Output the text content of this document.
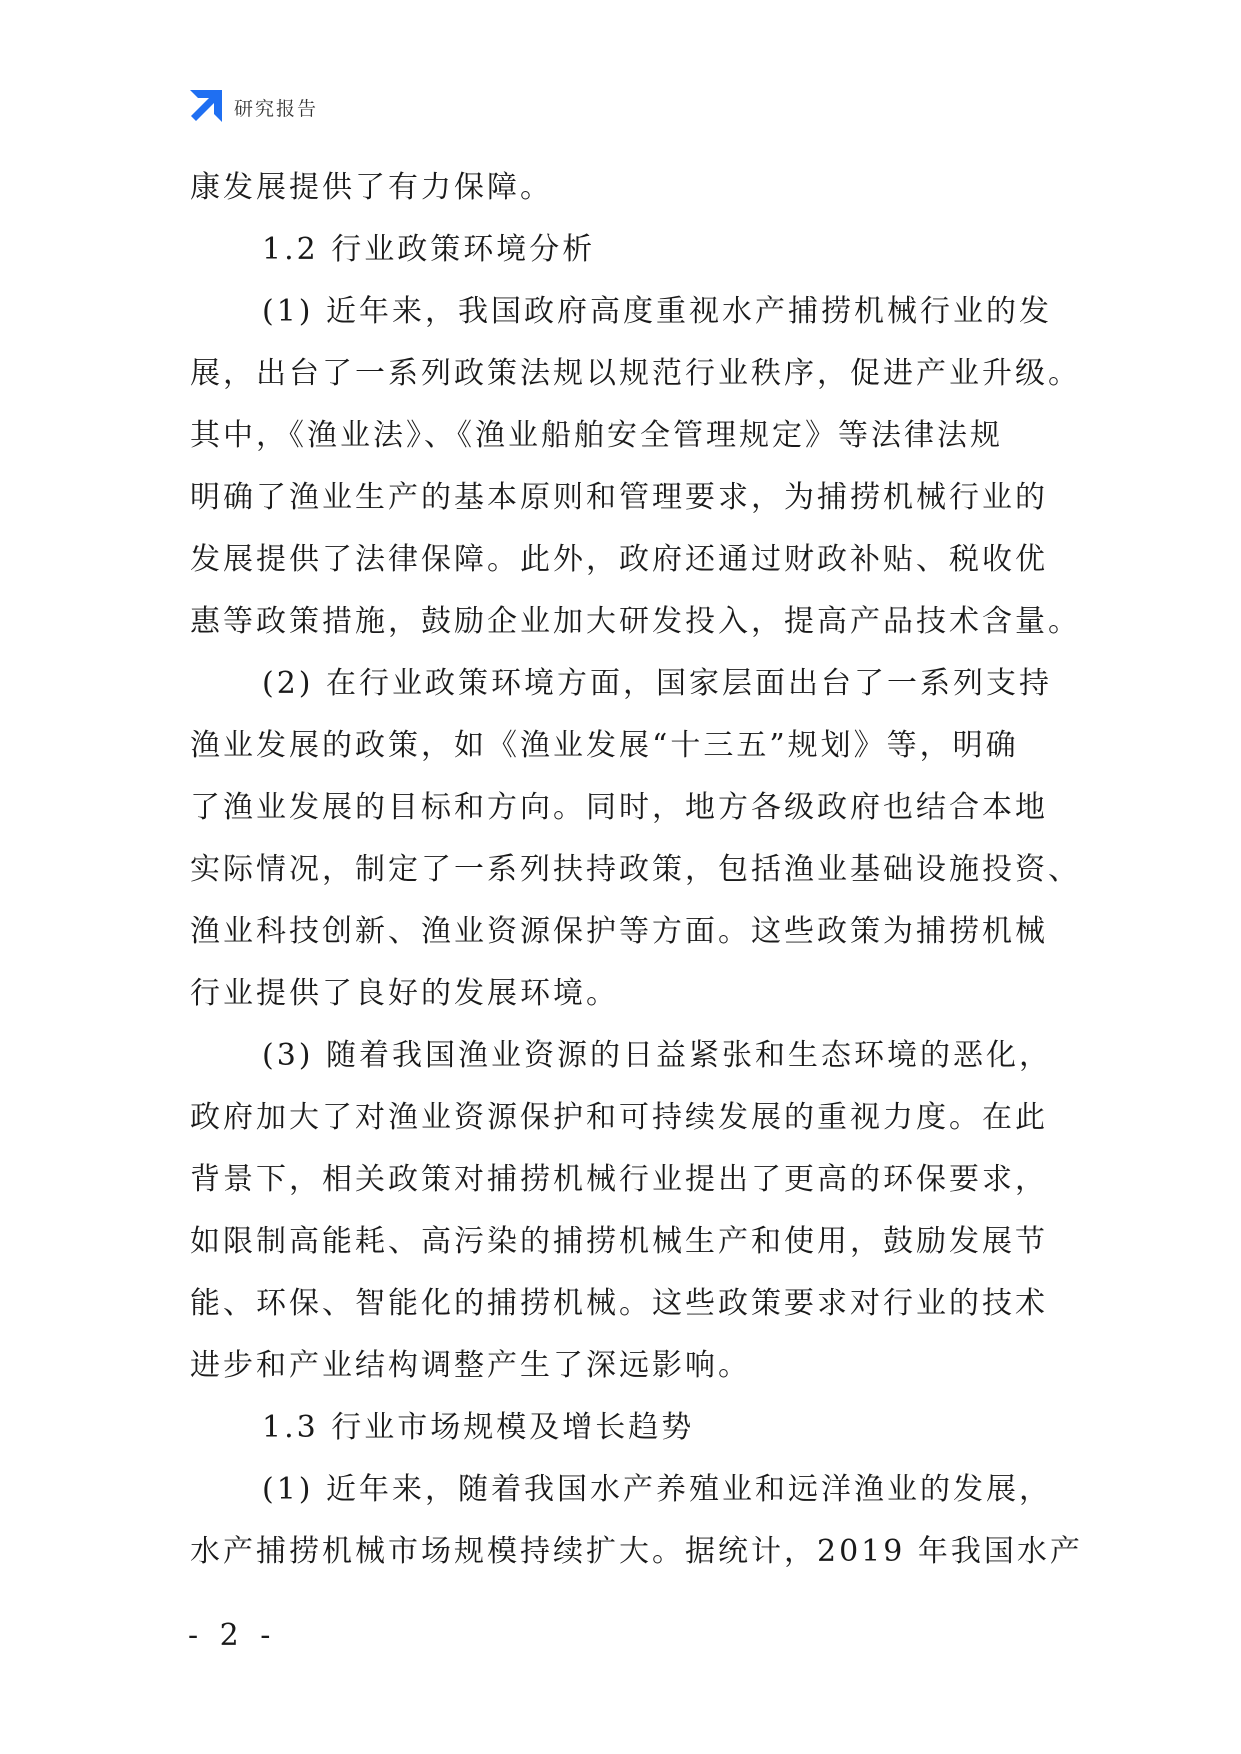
研究报告
康发展提供了有力保障。
1.2 行业政策环境分析
(1) 近年来，我国政府高度重视水产捕捞机械行业的发
展，出台了一系列政策法规以规范行业秩序，促进产业升级。
其中，《渔业法》、《渔业船舶安全管理规定》等法律法规
明确了渔业生产的基本原则和管理要求，为捕捞机械行业的
发展提供了法律保障。此外，政府还通过财政补贴、税收优
惠等政策措施，鼓励企业加大研发投入，提高产品技术含量。
(2) 在行业政策环境方面，国家层面出台了一系列支持
渔业发展的政策，如《渔业发展“十三五”规划》等，明确
了渔业发展的目标和方向。同时，地方各级政府也结合本地
实际情况，制定了一系列扶持政策，包括渔业基础设施投资、
渔业科技创新、渔业资源保护等方面。这些政策为捕捞机械
行业提供了良好的发展环境。
(3) 随着我国渔业资源的日益紧张和生态环境的恶化，
政府加大了对渔业资源保护和可持续发展的重视力度。在此
背景下，相关政策对捕捞机械行业提出了更高的环保要求，
如限制高能耗、高污染的捕捞机械生产和使用，鼓励发展节
能、环保、智能化的捕捞机械。这些政策要求对行业的技术
进步和产业结构调整产生了深远影响。
1.3 行业市场规模及增长趋势
(1) 近年来，随着我国水产养殖业和远洋渔业的发展，
水产捕捞机械市场规模持续扩大。据统计，2019 年我国水产
- 2 -
